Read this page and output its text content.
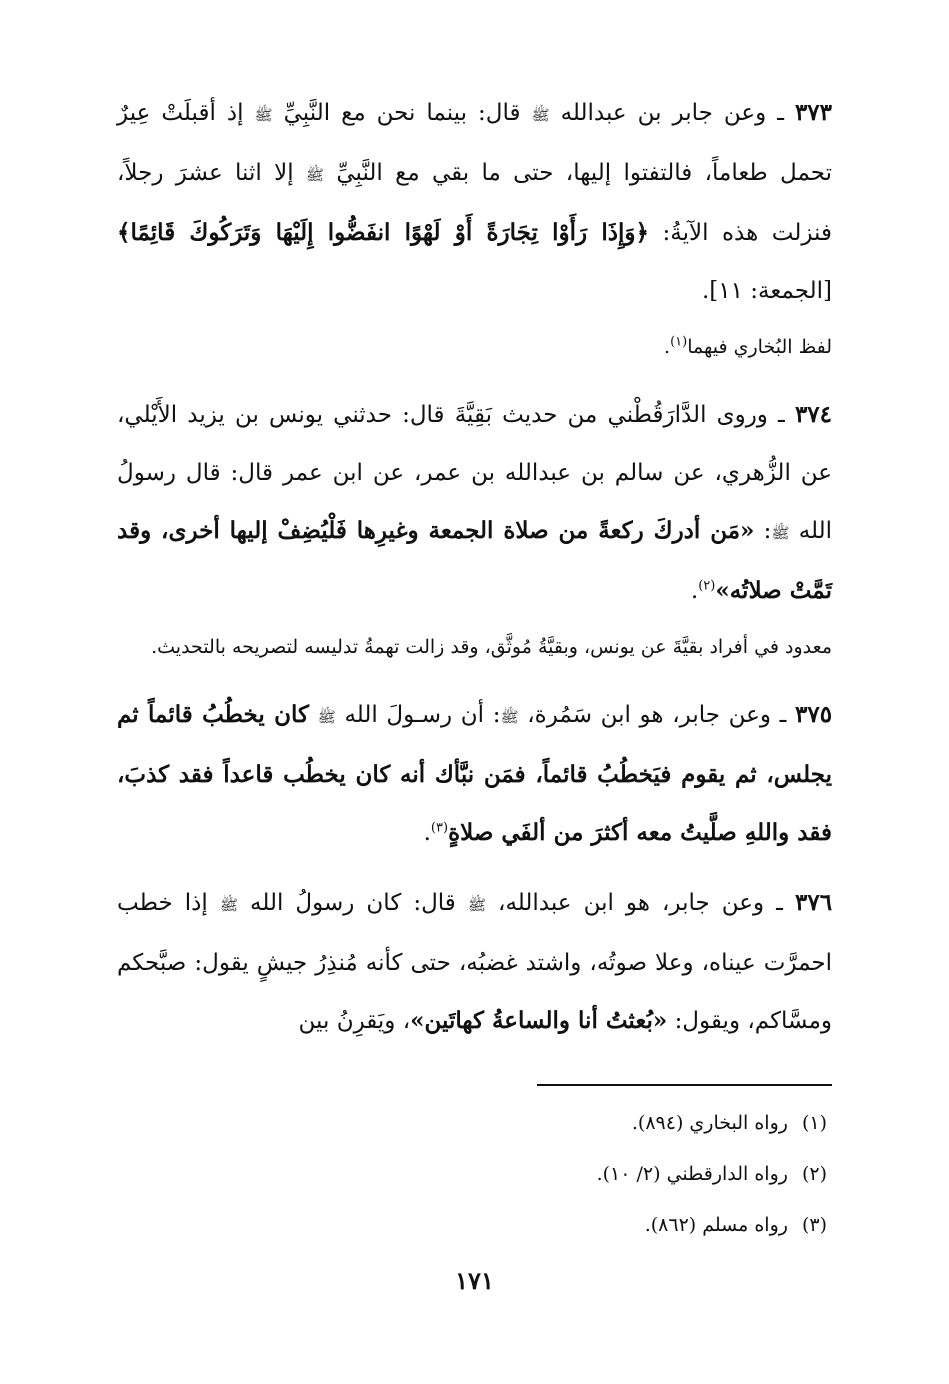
٣٧٣ ـ وعن جابر بن عبدالله ﷺ قال: بينما نحن مع النَّبِيِّ ﷺ إذ أقبلَتْ عِيرٌ تحمل طعاماً، فالتفتوا إليها، حتى ما بقي مع النَّبِيِّ ﷺ إلا اثنا عشرَ رجلاً، فنزلت هذه الآيةُ: ﴿وَإِذَا رَأَوْا تِجَارَةً أَوْ لَهْوًا انفَضُّوا إِلَيْهَا وَتَرَكُوكَ قَائِمًا﴾[الجمعة: ١١].

لفظ البُخاري فيهما$^{(١)}$.

٣٧٤ ـ وروى الدَّارَقُطْني من حديث بَقِيَّةَ قال: حدثني يونس بن يزيد الأَيْلي، عن الزُّهري، عن سالم بن عبدالله بن عمر، عن ابن عمر قال: قال رسولُ الله ﷺ: «مَن أدركَ ركعةً من صلاة الجمعة وغيرِها فَلْيُضِفْ إليها أخرى، وقد تَمَّتْ صلاتُه»$^{(٢)}$.

معدود في أفراد بقيَّةَ عن يونس، وبقيَّةُ مُوثَّق، وقد زالت تهمةُ تدليسه لتصريحه بالتحديث.

٣٧٥ ـ وعن جابر، هو ابن سَمُرة، ﷺ: أن رسـولَ الله ﷺ كان يخطُبُ قائماً ثم يجلس، ثم يقوم فيَخطُبُ قائماً، فمَن نبَّأك أنه كان يخطُب قاعداً فقد كذبَ، فقد واللهِ صلَّيتُ معه أكثرَ من ألفَي صلاةٍ$^{(٣)}$.

٣٧٦ ـ وعن جابر، هو ابن عبدالله، ﷺ قال: كان رسولُ الله ﷺ إذا خطب احمرَّت عيناه، وعلا صوتُه، واشتد غضبُه، حتى كأنه مُنذِرُ جيشٍ يقول: صبَّحكم ومسَّاكم، ويقول: «بُعثتُ أنا والساعةُ كهاتَين»، ويَقرِنُ بين

(١)رواه البخاري (٨٩٤).

(٢)رواه الدارقطني (٢/ ١٠).

(٣)رواه مسلم (٨٦٢).

١٧١
